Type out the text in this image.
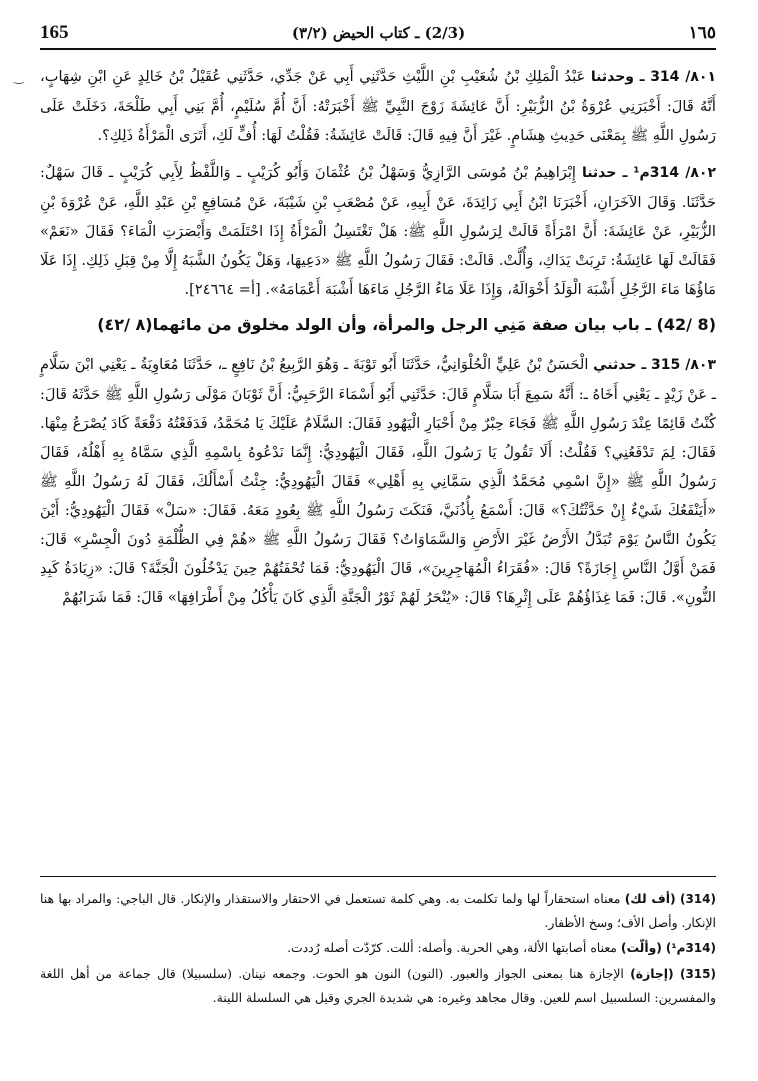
‿
165	(2/3) ـ كتاب الحيض (٣/٢)	١٦٥

٨٠١/ 314 ـ وحدثنا عَبْدُ الْمَلِكِ بْنُ شُعَيْبِ بْنِ اللَّيْثِ حَدَّثَنِي أَبِي عَنْ جَدِّي، حَدَّثَنِي عُقَيْلُ بْنُ خَالِدٍ عَنِ ابْنِ شِهَابٍ، أَنَّهُ قَالَ: أَخْبَرَنِي عُرْوَةُ بْنُ الزُّبَيْرِ: أَنَّ عَائِشَةَ زَوْجَ النَّبِيِّ ﷺ أَخْبَرَتْهُ: أَنَّ أُمَّ سُلَيْمٍ، أُمَّ بَنِي أَبِي طَلْحَةَ، دَخَلَتْ عَلَى رَسُولِ اللَّهِ ﷺ بِمَعْنَى حَدِيثِ هِشَامٍ. غَيْرَ أَنَّ فِيهِ قَالَ: قَالَتْ عَائِشَةُ: فَقُلْتُ لَهَا: أُفٍّ لَكِ، أَتَرَى الْمَرْأَةُ ذَلِكِ؟.

٨٠٢/ 314م¹ ـ حدثنا إِبْرَاهِيمُ بْنُ مُوسَى الرَّازِيُّ وَسَهْلُ بْنُ عُثْمَانَ وَأَبُو كُرَيْبٍ ـ وَاللَّفْظُ لِأَبِي كُرَيْبٍ ـ قَالَ سَهْلٌ: حَدَّثَنَا. وَقَالَ الآخَرَانِ، أَخْبَرَنَا ابْنُ أَبِي زَائِدَةَ، عَنْ أَبِيهِ، عَنْ مُصْعَبِ بْنِ شَيْبَةَ، عَنْ مُسَافِعِ بْنِ عَبْدِ اللَّهِ، عَنْ عُرْوَةَ بْنِ الزُّبَيْرِ، عَنْ عَائِشَةَ: أَنَّ امْرَأَةً قَالَتْ لِرَسُولِ اللَّهِ ﷺ: هَلْ تَغْتَسِلُ الْمَرْأَةُ إِذَا احْتَلَمَتْ وَأَبْصَرَتِ الْمَاءَ؟ فَقَالَ «نَعَمْ» فَقَالَتْ لَهَا عَائِشَةُ: تَرِبَتْ يَدَاكِ، وَأُلَّتْ. قَالَتْ: فَقَالَ رَسُولُ اللَّهِ ﷺ «دَعِيهَا، وَهَلْ يَكُونُ الشَّبَهُ إِلَّا مِنْ قِبَلِ ذَلِكِ. إِذَا عَلَا مَاؤُهَا مَاءَ الرَّجُلِ أَشْبَهَ الْوَلَدُ أَخْوَالَهُ، وَإِذَا عَلَا مَاءُ الرَّجُلِ مَاءَهَا أَشْبَهَ أَعْمَامَهُ». [أ= ٢٤٦٦٤].

(8 /42) ـ باب بيان صفة مَنِي الرجل والمرأة، وأن الولد مخلوق من مائهما(٨ /٤٢)

٨٠٣/ 315 ـ حدثني الْحَسَنُ بْنُ عَلِيٍّ الْحُلْوَانِيُّ، حَدَّثَنَا أَبُو تَوْبَةَ ـ وَهُوَ الرَّبِيعُ بْنُ نَافِعٍ ـ، حَدَّثَنَا مُعَاوِيَةُ ـ يَعْنِي ابْنَ سَلَّامٍ ـ عَنْ زَيْدٍ ـ يَعْنِي أَخَاهُ ـ: أَنَّهُ سَمِعَ أَبَا سَلَّامٍ قَالَ: حَدَّثَنِي أَبُو أَسْمَاءَ الرَّحَبِيُّ: أَنَّ ثَوْبَانَ مَوْلَى رَسُولِ اللَّهِ ﷺ حَدَّثَهُ قَالَ: كُنْتُ قَائِمًا عِنْدَ رَسُولِ اللَّهِ ﷺ فَجَاءَ حِبْرٌ مِنْ أَحْبَارِ الْيَهُودِ فَقَالَ: السَّلَامُ عَلَيْكَ يَا مُحَمَّدُ، فَدَفَعْتُهُ دَفْعَةً كَادَ يُصْرَعُ مِنْهَا. فَقَالَ: لِمَ تَدْفَعُنِي؟ فَقُلْتُ: أَلَا تَقُولُ يَا رَسُولَ اللَّهِ، فَقَالَ الْيَهُودِيُّ: إِنَّمَا نَدْعُوهُ بِاسْمِهِ الَّذِي سَمَّاهُ بِهِ أَهْلُهُ، فَقَالَ رَسُولُ اللَّهِ ﷺ «إِنَّ اسْمِي مُحَمَّدٌ الَّذِي سَمَّانِي بِهِ أَهْلِي» فَقَالَ الْيَهُودِيُّ: جِئْتُ أَسْأَلُكَ، فَقَالَ لَهُ رَسُولُ اللَّهِ ﷺ «أَيَنْفَعُكَ شَيْءٌ إِنْ حَدَّثْتُكَ؟» قَالَ: أَسْمَعُ بِأُذُنَيَّ، فَنَكَتَ رَسُولُ اللَّهِ ﷺ بِعُودٍ مَعَهُ. فَقَالَ: «سَلْ» فَقَالَ الْيَهُودِيُّ: أَيْنَ يَكُونُ النَّاسُ يَوْمَ تُبَدَّلُ الأَرْضُ غَيْرَ الأَرْضِ وَالسَّمَاوَاتُ؟ فَقَالَ رَسُولُ اللَّهِ ﷺ «هُمْ فِي الظُّلْمَةِ دُونَ الْجِسْرِ» قَالَ: فَمَنْ أَوَّلُ النَّاسِ إِجَازَةً؟ قَالَ: «فُقَرَاءُ الْمُهَاجِرِينَ»، قَالَ الْيَهُودِيُّ: فَمَا تُحْفَتُهُمْ حِينَ يَدْخُلُونَ الْجَنَّةَ؟ قَالَ: «زِيَادَةُ كَبِدِ النُّونِ». قَالَ: فَمَا غِذَاؤُهُمْ عَلَى إِثْرِهَا؟ قَالَ: «يُنْحَرُ لَهُمْ ثَوْرُ الْجَنَّةِ الَّذِي كَانَ يَأْكُلُ مِنْ أَطْرَافِهَا» قَالَ: فَمَا شَرَابُهُمْ

(314) (أف لك) معناه استحقاراً لها ولما تكلمت به. وهي كلمة تستعمل في الاحتقار والاستقذار والإنكار. قال الباجي: والمراد بها هنا الإنكار. وأصل الأف؛ وسخ الأظفار.

(314م¹) (وألّت) معناه أصابتها الألة، وهي الحربة. وأصله: أللت. كرّدّت أصله رُددت.

(315) (إجازة) الإجازة هنا بمعنى الجواز والعبور. (النون) النون هو الحوت. وجمعه نينان. (سلسبيلا) قال جماعة من أهل اللغة والمفسرين: السلسبيل اسم للعين. وقال مجاهد وغيره: هي شديدة الجري وقيل هي السلسلة اللينة.
